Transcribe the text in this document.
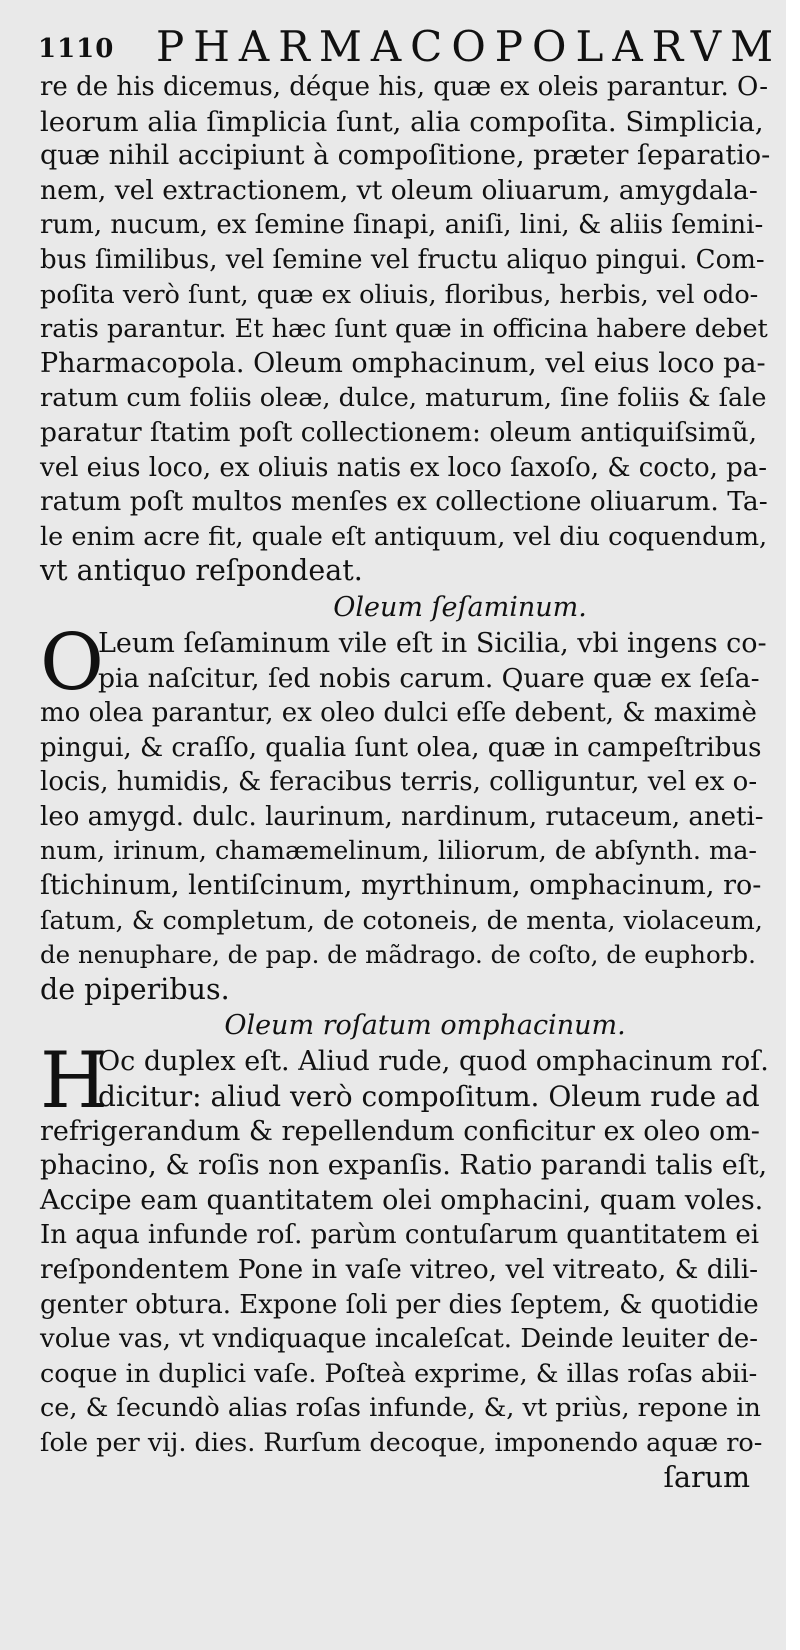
1110 PHARMACOPOLARVM
re de his dicemus, déque his, quæ ex oleis parantur. O-
leorum alia ſimplicia ſunt, alia compoſita. Simplicia,
quæ nihil accipiunt à compoſitione, præter ſeparatio-
nem, vel extractionem, vt oleum oliuarum, amygdala-
rum, nucum, ex ſemine ſinapi, aniſi, lini, & aliis ſemini-
bus ſimilibus, vel ſemine vel fructu aliquo pingui. Com-
poſita verò ſunt, quæ ex oliuis, floribus, herbis, vel odo-
ratis parantur. Et hæc ſunt quæ in officina habere debet
Pharmacopola. Oleum omphacinum, vel eius loco pa-
ratum cum foliis oleæ, dulce, maturum, ſine foliis & ſale
paratur ſtatim poſt collectionem: oleum antiquiſsimũ,
vel eius loco, ex oliuis natis ex loco ſaxoſo, & cocto, pa-
ratum poſt multos menſes ex collectione oliuarum. Ta-
le enim acre fit, quale eſt antiquum, vel diu coquendum,
vt antiquo reſpondeat.
Oleum ſeſaminum.
O
Leum ſeſaminum vile eſt in Sicilia, vbi ingens co-
pia naſcitur, ſed nobis carum. Quare quæ ex ſeſa-
mo olea parantur, ex oleo dulci eſſe debent, & maximè
pingui, & craſſo, qualia ſunt olea, quæ in campeſtribus
locis, humidis, & feracibus terris, colliguntur, vel ex o-
leo amygd. dulc. laurinum, nardinum, rutaceum, aneti-
num, irinum, chamæmelinum, liliorum, de abſynth. ma-
ſtichinum, lentiſcinum, myrthinum, omphacinum, ro-
ſatum, & completum, de cotoneis, de menta, violaceum,
de nenuphare, de pap. de mãdrago. de coſto, de euphorb.
de piperibus.
Oleum roſatum omphacinum.
H
Oc duplex eſt. Aliud rude, quod omphacinum roſ.
dicitur: aliud verò compoſitum. Oleum rude ad
refrigerandum & repellendum conficitur ex oleo om-
phacino, & roſis non expanſis. Ratio parandi talis eſt,
Accipe eam quantitatem olei omphacini, quam voles.
In aqua infunde roſ. parùm contuſarum quantitatem ei
reſpondentem Pone in vaſe vitreo, vel vitreato, & dili-
genter obtura. Expone ſoli per dies ſeptem, & quotidie
volue vas, vt vndiquaque incaleſcat. Deinde leuiter de-
coque in duplici vaſe. Poſteà exprime, & illas roſas abii-
ce, & ſecundò alias roſas infunde, &, vt priùs, repone in
ſole per vij. dies. Rurſum decoque, imponendo aquæ ro-
ſarum
